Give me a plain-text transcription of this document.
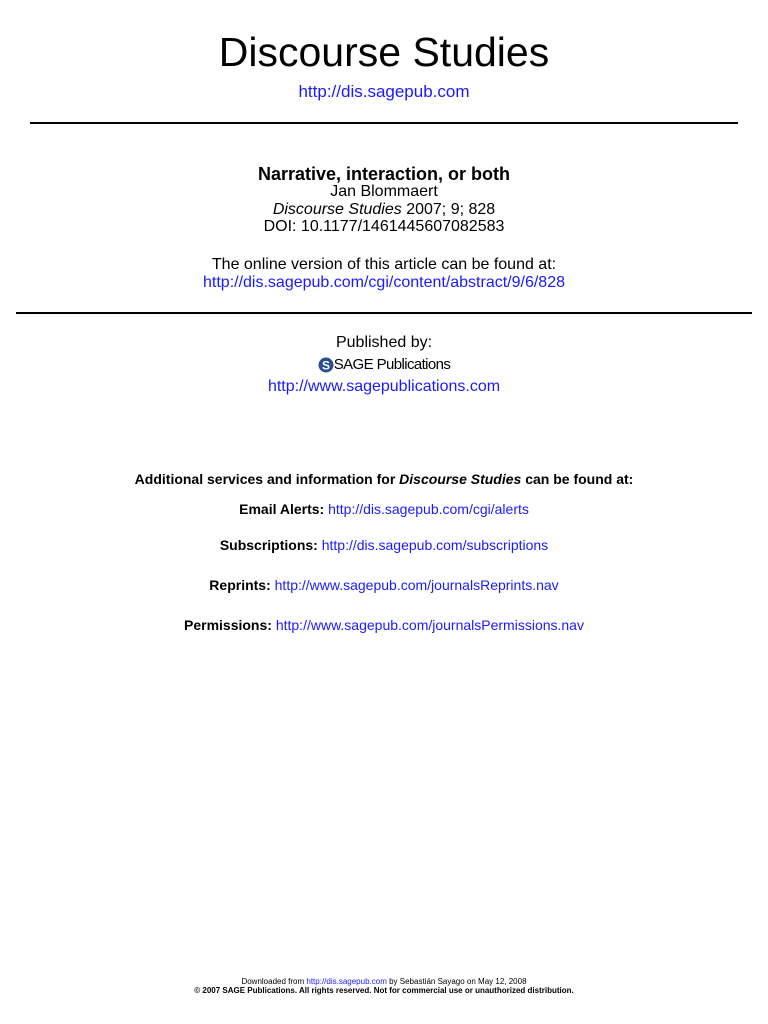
Discourse Studies
http://dis.sagepub.com
Narrative, interaction, or both
Jan Blommaert
Discourse Studies 2007; 9; 828
DOI: 10.1177/1461445607082583
The online version of this article can be found at:
http://dis.sagepub.com/cgi/content/abstract/9/6/828
Published by:
S SAGE Publications
http://www.sagepublications.com
Additional services and information for Discourse Studies can be found at:
Email Alerts: http://dis.sagepub.com/cgi/alerts
Subscriptions: http://dis.sagepub.com/subscriptions
Reprints: http://www.sagepub.com/journalsReprints.nav
Permissions: http://www.sagepub.com/journalsPermissions.nav
Downloaded from http://dis.sagepub.com by Sebastián Sayago on May 12, 2008
© 2007 SAGE Publications. All rights reserved. Not for commercial use or unauthorized distribution.
